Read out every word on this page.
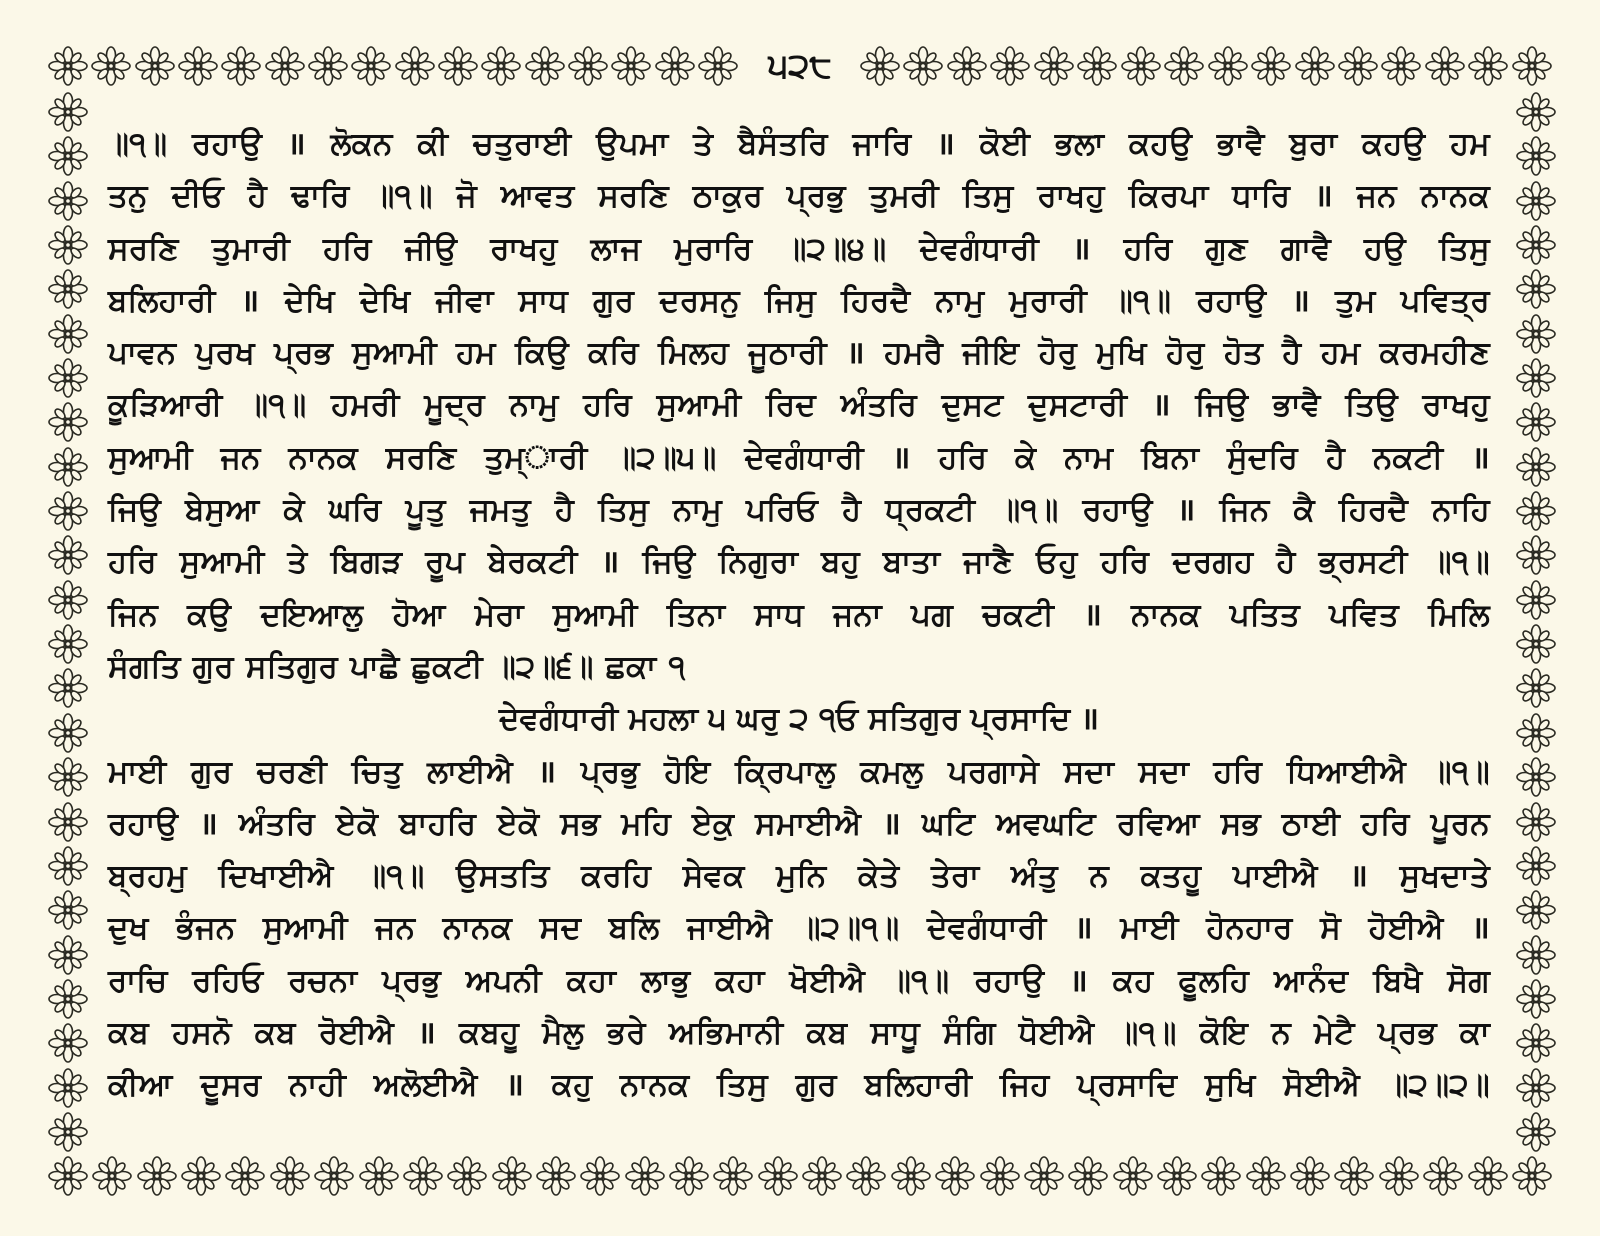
੫੨੮
॥੧॥ ਰਹਾਉ ॥ ਲੋਕਨ ਕੀ ਚਤੁਰਾਈ ਉਪਮਾ ਤੇ ਬੈਸੰਤਰਿ ਜਾਰਿ ॥ ਕੋਈ ਭਲਾ ਕਹਉ ਭਾਵੈ ਬੁਰਾ ਕਹਉ ਹਮ
ਤਨੁ ਦੀਓ ਹੈ ਢਾਰਿ ॥੧॥ ਜੋ ਆਵਤ ਸਰਣਿ ਠਾਕੁਰ ਪ੍ਰਭੁ ਤੁਮਰੀ ਤਿਸੁ ਰਾਖਹੁ ਕਿਰਪਾ ਧਾਰਿ ॥ ਜਨ ਨਾਨਕ
ਸਰਣਿ ਤੁਮਾਰੀ ਹਰਿ ਜੀਉ ਰਾਖਹੁ ਲਾਜ ਮੁਰਾਰਿ ॥੨॥੪॥ ਦੇਵਗੰਧਾਰੀ ॥ ਹਰਿ ਗੁਣ ਗਾਵੈ ਹਉ ਤਿਸੁ
ਬਲਿਹਾਰੀ ॥ ਦੇਖਿ ਦੇਖਿ ਜੀਵਾ ਸਾਧ ਗੁਰ ਦਰਸਨੁ ਜਿਸੁ ਹਿਰਦੈ ਨਾਮੁ ਮੁਰਾਰੀ ॥੧॥ ਰਹਾਉ ॥ ਤੁਮ ਪਵਿਤ੍ਰ
ਪਾਵਨ ਪੁਰਖ ਪ੍ਰਭ ਸੁਆਮੀ ਹਮ ਕਿਉ ਕਰਿ ਮਿਲਹ ਜੂਠਾਰੀ ॥ ਹਮਰੈ ਜੀਇ ਹੋਰੁ ਮੁਖਿ ਹੋਰੁ ਹੋਤ ਹੈ ਹਮ ਕਰਮਹੀਣ
ਕੂੜਿਆਰੀ ॥੧॥ ਹਮਰੀ ਮੂਦ੍ਰ ਨਾਮੁ ਹਰਿ ਸੁਆਮੀ ਰਿਦ ਅੰਤਰਿ ਦੁਸਟ ਦੁਸਟਾਰੀ ॥ ਜਿਉ ਭਾਵੈ ਤਿਉ ਰਾਖਹੁ
ਸੁਆਮੀ ਜਨ ਨਾਨਕ ਸਰਣਿ ਤੁਮ੍ਾਰੀ ॥੨॥੫॥ ਦੇਵਗੰਧਾਰੀ ॥ ਹਰਿ ਕੇ ਨਾਮ ਬਿਨਾ ਸੁੰਦਰਿ ਹੈ ਨਕਟੀ ॥
ਜਿਉ ਬੇਸੁਆ ਕੇ ਘਰਿ ਪੂਤੁ ਜਮਤੁ ਹੈ ਤਿਸੁ ਨਾਮੁ ਪਰਿਓ ਹੈ ਧ੍ਰਕਟੀ ॥੧॥ ਰਹਾਉ ॥ ਜਿਨ ਕੈ ਹਿਰਦੈ ਨਾਹਿ
ਹਰਿ ਸੁਆਮੀ ਤੇ ਬਿਗੜ ਰੂਪ ਬੇਰਕਟੀ ॥ ਜਿਉ ਨਿਗੁਰਾ ਬਹੁ ਬਾਤਾ ਜਾਣੈ ਓਹੁ ਹਰਿ ਦਰਗਹ ਹੈ ਭ੍ਰਸਟੀ ॥੧॥
ਜਿਨ ਕਉ ਦਇਆਲੁ ਹੋਆ ਮੇਰਾ ਸੁਆਮੀ ਤਿਨਾ ਸਾਧ ਜਨਾ ਪਗ ਚਕਟੀ ॥ ਨਾਨਕ ਪਤਿਤ ਪਵਿਤ ਮਿਲਿ
ਸੰਗਤਿ ਗੁਰ ਸਤਿਗੁਰ ਪਾਛੈ ਛੁਕਟੀ ॥੨॥੬॥ ਛਕਾ ੧
ਦੇਵਗੰਧਾਰੀ ਮਹਲਾ ੫ ਘਰੁ ੨ ੧ਓ ਸਤਿਗੁਰ ਪ੍ਰਸਾਦਿ ॥
ਮਾਈ ਗੁਰ ਚਰਣੀ ਚਿਤੁ ਲਾਈਐ ॥ ਪ੍ਰਭੁ ਹੋਇ ਕ੍ਰਿਪਾਲੁ ਕਮਲੁ ਪਰਗਾਸੇ ਸਦਾ ਸਦਾ ਹਰਿ ਧਿਆਈਐ ॥੧॥
ਰਹਾਉ ॥ ਅੰਤਰਿ ਏਕੋ ਬਾਹਰਿ ਏਕੋ ਸਭ ਮਹਿ ਏਕੁ ਸਮਾਈਐ ॥ ਘਟਿ ਅਵਘਟਿ ਰਵਿਆ ਸਭ ਠਾਈ ਹਰਿ ਪੂਰਨ
ਬ੍ਰਹਮੁ ਦਿਖਾਈਐ ॥੧॥ ਉਸਤਤਿ ਕਰਹਿ ਸੇਵਕ ਮੁਨਿ ਕੇਤੇ ਤੇਰਾ ਅੰਤੁ ਨ ਕਤਹੂ ਪਾਈਐ ॥ ਸੁਖਦਾਤੇ
ਦੁਖ ਭੰਜਨ ਸੁਆਮੀ ਜਨ ਨਾਨਕ ਸਦ ਬਲਿ ਜਾਈਐ ॥੨॥੧॥ ਦੇਵਗੰਧਾਰੀ ॥ ਮਾਈ ਹੋਨਹਾਰ ਸੋ ਹੋਈਐ ॥
ਰਾਚਿ ਰਹਿਓ ਰਚਨਾ ਪ੍ਰਭੁ ਅਪਨੀ ਕਹਾ ਲਾਭੁ ਕਹਾ ਖੋਈਐ ॥੧॥ ਰਹਾਉ ॥ ਕਹ ਫੂਲਹਿ ਆਨੰਦ ਬਿਖੈ ਸੋਗ
ਕਬ ਹਸਨੋ ਕਬ ਰੋਈਐ ॥ ਕਬਹੂ ਮੈਲੁ ਭਰੇ ਅਭਿਮਾਨੀ ਕਬ ਸਾਧੂ ਸੰਗਿ ਧੋਈਐ ॥੧॥ ਕੋਇ ਨ ਮੇਟੈ ਪ੍ਰਭ ਕਾ
ਕੀਆ ਦੂਸਰ ਨਾਹੀ ਅਲੋਈਐ ॥ ਕਹੁ ਨਾਨਕ ਤਿਸੁ ਗੁਰ ਬਲਿਹਾਰੀ ਜਿਹ ਪ੍ਰਸਾਦਿ ਸੁਖਿ ਸੋਈਐ ॥੨॥੨॥
